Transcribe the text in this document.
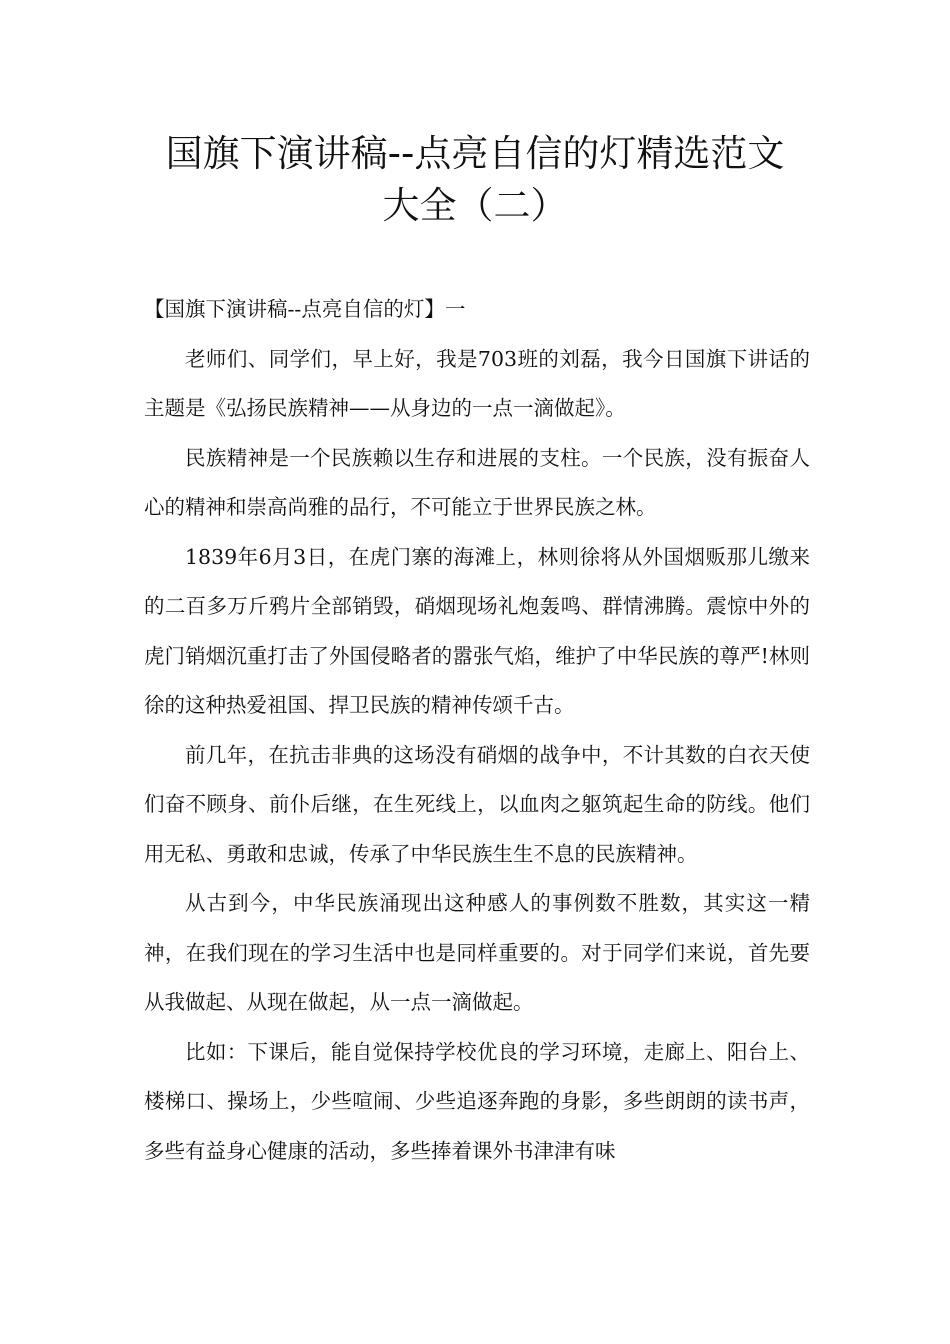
国旗下演讲稿--点亮自信的灯精选范文
大全（二）

【国旗下演讲稿--点亮自信的灯】一

老师们、同学们，早上好，我是703班的刘磊，我今日国旗下讲话的主题是《弘扬民族精神——从身边的一点一滴做起》。

民族精神是一个民族赖以生存和进展的支柱。一个民族，没有振奋人心的精神和崇高尚雅的品行，不可能立于世界民族之林。

1839年6月3日，在虎门寨的海滩上，林则徐将从外国烟贩那儿缴来的二百多万斤鸦片全部销毁，硝烟现场礼炮轰鸣、群情沸腾。震惊中外的虎门销烟沉重打击了外国侵略者的嚣张气焰，维护了中华民族的尊严!林则徐的这种热爱祖国、捍卫民族的精神传颂千古。

前几年，在抗击非典的这场没有硝烟的战争中，不计其数的白衣天使们奋不顾身、前仆后继，在生死线上，以血肉之躯筑起生命的防线。他们用无私、勇敢和忠诚，传承了中华民族生生不息的民族精神。

从古到今，中华民族涌现出这种感人的事例数不胜数，其实这一精神，在我们现在的学习生活中也是同样重要的。对于同学们来说，首先要从我做起、从现在做起，从一点一滴做起。

比如：下课后，能自觉保持学校优良的学习环境，走廊上、阳台上、楼梯口、操场上，少些喧闹、少些追逐奔跑的身影，多些朗朗的读书声，多些有益身心健康的活动，多些捧着课外书津津有味
